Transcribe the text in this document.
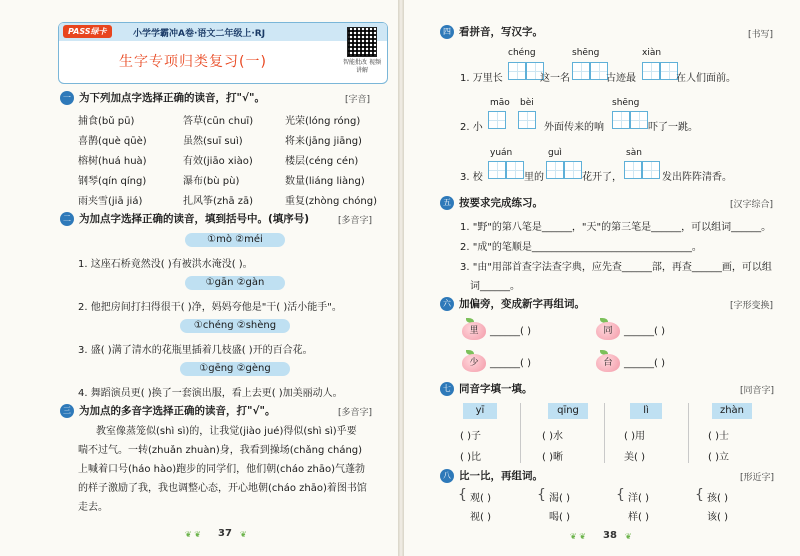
PASS绿卡	小学学霸冲A卷·语文二年级上·RJ
生字专项归类复习(一)	智能批改 视频讲解
一 为下列加点字选择正确的读音，打"√"。	[字音]
捕食(bǔ pū)	答草(cūn chuī)	光荣(lóng róng)
喜鹊(què qūè)	虽然(suī suì)	将来(jāng jiāng)
榕树(huá huà)	有效(jiāo xiào)	楼层(céng cén)
钢琴(qín qíng)	瀑布(bù pù)	数量(liáng liàng)
雨夹雪(jiā jiá)	扎风筝(zhā zā)	重复(zhòng chóng)
二 为加点字选择正确的读音，填到括号中。(填序号)	[多音字]
①mò ②méi
1. 这座石桥竟然没( )有被洪水淹没( )。
①gān ②gàn
2. 他把房间打扫得很干( )净，妈妈夸他是"干( )活小能手"。
①chéng ②shèng
3. 盛( )满了清水的花瓶里插着几枝盛( )开的百合花。
①gēng ②gèng
4. 舞蹈演员更( )换了一套演出服，看上去更( )加美丽动人。
三 为加点的多音字选择正确的读音，打"√"。	[多音字]
教室像蒸笼似(shì sì)的，让我觉(jiào jué)得似(shì sì)乎要
喘不过气。一转(zhuǎn zhuàn)身，我看到操场(chǎng cháng)
上喊着口号(háo hào)跑步的同学们，他们朝(cháo zhāo)气蓬勃
的样子激励了我，我也调整心态，开心地朝(cháo zhāo)着图书馆
走去。
❦ ❦ 37 ❦
四 看拼音，写汉字。	[书写]
chéng	shēng	xiàn
1. 万里长	这一名	古迹最	在人们面前。
māo bèi	shēng
2. 小	外面传来的响	吓了一跳。
yuán	guì	sàn
3. 校	里的	花开了，	发出阵阵清香。
五 按要求完成练习。	[汉字综合]
1. "野"的第八笔是______，"天"的第三笔是______，可以组词______。
2. "成"的笔顺是________________________________。
3. "由"用部首查字法查字典，应先查______部，再查______画，可以组
词______。
六 加偏旁，变成新字再组词。	[字形变换]
里	______( )	同	______( )
少	______( )	台	______( )
七 同音字填一填。	[同音字]
yī	qīng	lì	zhàn
( )子	( )水	( )用	( )士
( )比	( )晰	美( )	( )立
八 比一比，再组词。	[形近字]
{ 观( )
视( )
{ 渴( )
喝( )
{ 洋( )
样( )
{ 孩( )
该( )
❦ ❦ 38 ❦
